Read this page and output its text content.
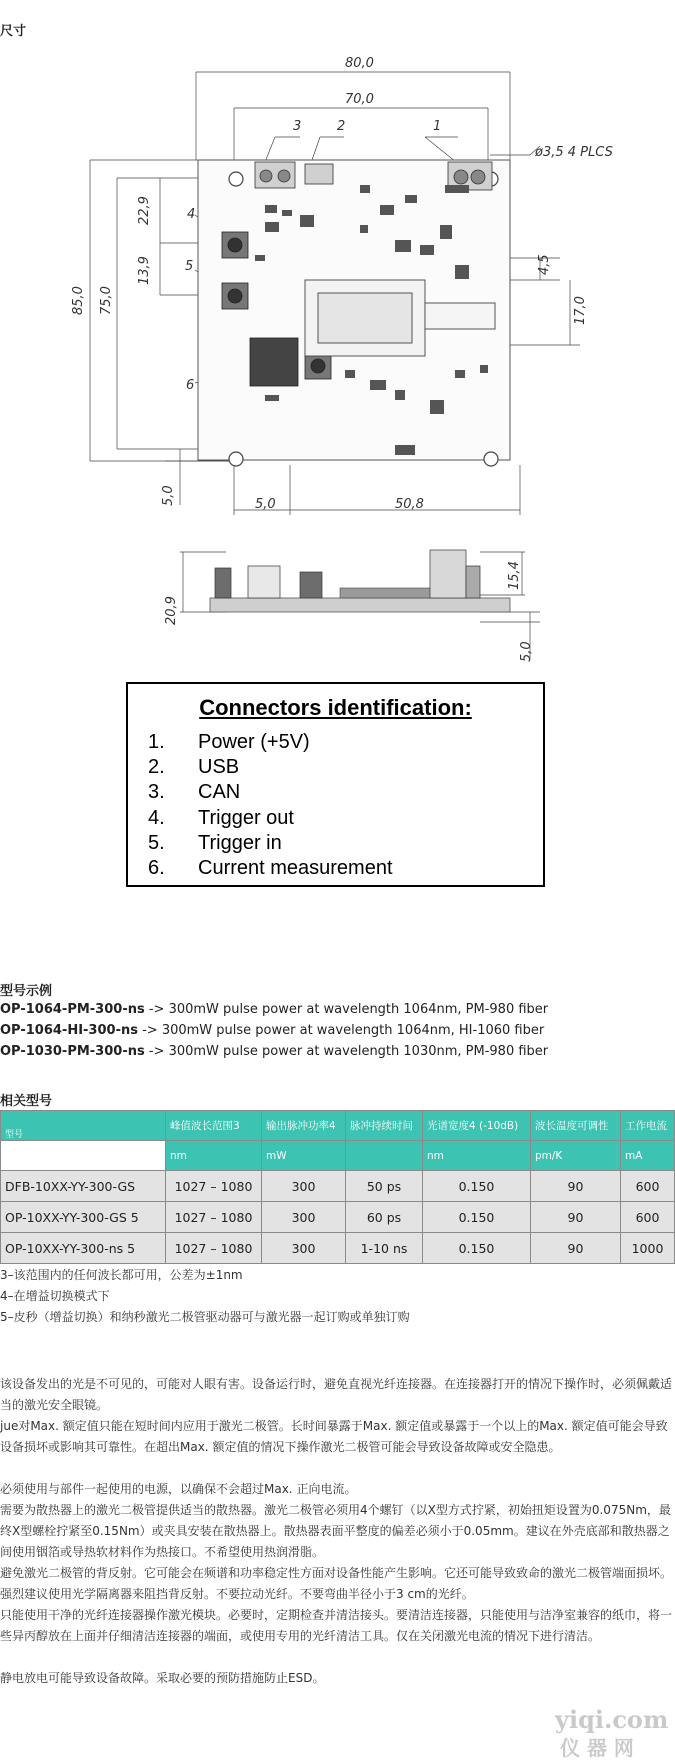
尺寸
80,0
70,0
3	2	1
ø3,5 4 PLCS
4
5
6
5,0	50,8
85,0 75,0
22,9
13,9
5,0
4,5
17,0
20,9
15,4
5,0
Connectors identification:
1. Power (+5V)
2. USB
3. CAN
4. Trigger out
5. Trigger in
6. Current measurement
型号示例
OP-1064-PM-300-ns -> 300mW pulse power at wavelength 1064nm, PM-980 fiber
OP-1064-HI-300-ns -> 300mW pulse power at wavelength 1064nm, HI-1060 fiber
OP-1030-PM-300-ns -> 300mW pulse power at wavelength 1030nm, PM-980 fiber
相关型号
型号	峰值波长范围3	输出脉冲功率4	脉冲持续时间	光谱宽度4 (-10dB)	波长温度可调性	工作电流
	nm	mW		nm	pm/K	mA
DFB-10XX-YY-300-GS	1027 – 1080	300	50 ps	0.150	90	600
OP-10XX-YY-300-GS 5	1027 – 1080	300	60 ps	0.150	90	600
OP-10XX-YY-300-ns 5	1027 – 1080	300	1-10 ns	0.150	90	1000
3–该范围内的任何波长都可用，公差为±1nm
4–在增益切换模式下
5–皮秒（增益切换）和纳秒激光二极管驱动器可与激光器一起订购或单独订购
该设备发出的光是不可见的，可能对人眼有害。设备运行时，避免直视光纤连接器。在连接器打开的情况下操作时，必须佩戴适当的激光安全眼镜。
jue对Max. 额定值只能在短时间内应用于激光二极管。长时间暴露于Max. 额定值或暴露于一个以上的Max. 额定值可能会导致设备损坏或影响其可靠性。在超出Max. 额定值的情况下操作激光二极管可能会导致设备故障或安全隐患。
必须使用与部件一起使用的电源，以确保不会超过Max. 正向电流。
需要为散热器上的激光二极管提供适当的散热器。激光二极管必须用4个螺钉（以X型方式拧紧，初始扭矩设置为0.075Nm，最终X型螺栓拧紧至0.15Nm）或夹具安装在散热器上。散热器表面平整度的偏差必须小于0.05mm。建议在外壳底部和散热器之间使用铟箔或导热软材料作为热接口。不希望使用热润滑脂。
避免激光二极管的背反射。它可能会在频谱和功率稳定性方面对设备性能产生影响。它还可能导致致命的激光二极管端面损坏。强烈建议使用光学隔离器来阻挡背反射。不要拉动光纤。不要弯曲半径小于3 cm的光纤。
只能使用干净的光纤连接器操作激光模块。必要时，定期检查并清洁接头。要清洁连接器，只能使用与洁净室兼容的纸巾，将一些异丙醇放在上面并仔细清洁连接器的端面，或使用专用的光纤清洁工具。仅在关闭激光电流的情况下进行清洁。
静电放电可能导致设备故障。采取必要的预防措施防止ESD。
yiqi.com
仪 器 网
